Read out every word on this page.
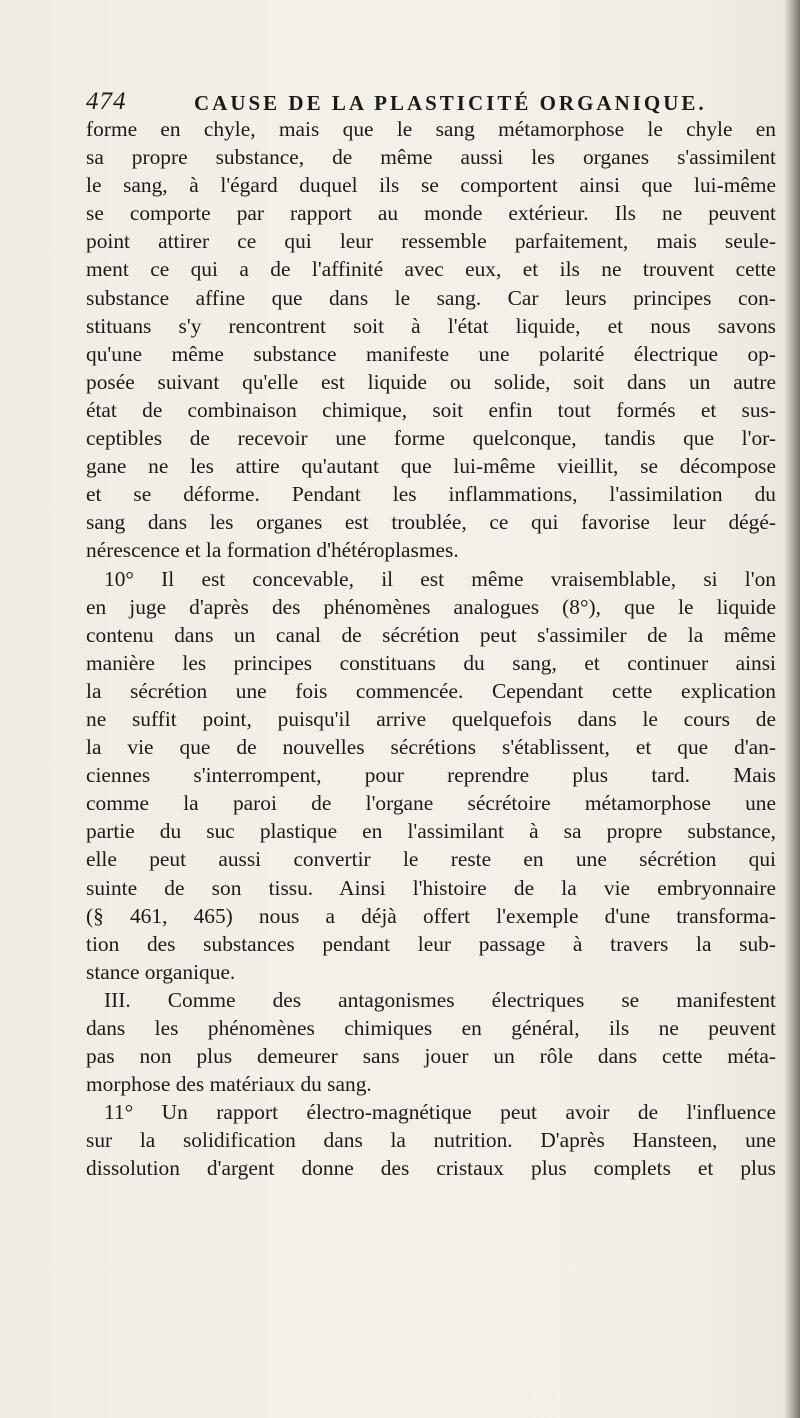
474	CAUSE DE LA PLASTICITÉ ORGANIQUE.
forme en chyle, mais que le sang métamorphose le chyle en
sa propre substance, de même aussi les organes s'assimilent
le sang, à l'égard duquel ils se comportent ainsi que lui-même
se comporte par rapport au monde extérieur. Ils ne peuvent
point attirer ce qui leur ressemble parfaitement, mais seule-
ment ce qui a de l'affinité avec eux, et ils ne trouvent cette
substance affine que dans le sang. Car leurs principes con-
stituans s'y rencontrent soit à l'état liquide, et nous savons
qu'une même substance manifeste une polarité électrique op-
posée suivant qu'elle est liquide ou solide, soit dans un autre
état de combinaison chimique, soit enfin tout formés et sus-
ceptibles de recevoir une forme quelconque, tandis que l'or-
gane ne les attire qu'autant que lui-même vieillit, se décompose
et se déforme. Pendant les inflammations, l'assimilation du
sang dans les organes est troublée, ce qui favorise leur dégé-
nérescence et la formation d'hétéroplasmes.
10° Il est concevable, il est même vraisemblable, si l'on
en juge d'après des phénomènes analogues (8°), que le liquide
contenu dans un canal de sécrétion peut s'assimiler de la même
manière les principes constituans du sang, et continuer ainsi
la sécrétion une fois commencée. Cependant cette explication
ne suffit point, puisqu'il arrive quelquefois dans le cours de
la vie que de nouvelles sécrétions s'établissent, et que d'an-
ciennes s'interrompent, pour reprendre plus tard. Mais
comme la paroi de l'organe sécrétoire métamorphose une
partie du suc plastique en l'assimilant à sa propre substance,
elle peut aussi convertir le reste en une sécrétion qui
suinte de son tissu. Ainsi l'histoire de la vie embryonnaire
(§ 461, 465) nous a déjà offert l'exemple d'une transforma-
tion des substances pendant leur passage à travers la sub-
stance organique.
III. Comme des antagonismes électriques se manifestent
dans les phénomènes chimiques en général, ils ne peuvent
pas non plus demeurer sans jouer un rôle dans cette méta-
morphose des matériaux du sang.
11° Un rapport électro-magnétique peut avoir de l'influence
sur la solidification dans la nutrition. D'après Hansteen, une
dissolution d'argent donne des cristaux plus complets et plus
